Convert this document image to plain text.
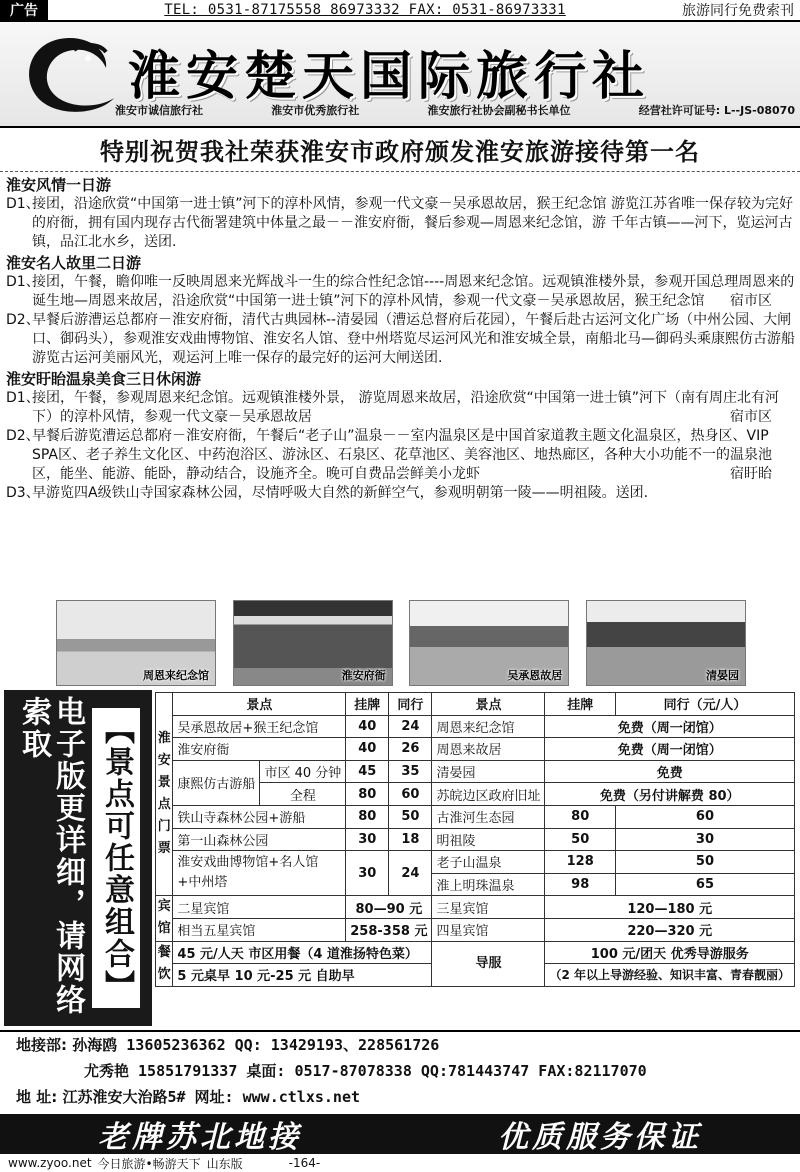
广告	TEL: 0531-87175558 86973332 FAX: 0531-86973331	旅游同行免费索刊
淮安楚天国际旅行社
淮安市诚信旅行社	淮安市优秀旅行社	淮安旅行社协会副秘书长单位	经营社许可证号: L--JS-08070
特别祝贺我社荣获淮安市政府颁发淮安旅游接待第一名
淮安风情一日游
D1、
接团，沿途欣赏“中国第一进士镇”河下的淳朴风情，参观一代文豪－吴承恩故居，猴王纪念馆 游览江苏省唯一保存较为完好的府衙，拥有国内现存古代衙署建筑中体量之最－－淮安府衙，餐后参观—周恩来纪念馆，游 千年古镇——河下，览运河古镇，品江北水乡，送团.
淮安名人故里二日游
D1、
接团，午餐，瞻仰唯一反映周恩来光辉战斗一生的综合性纪念馆----周恩来纪念馆。远观镇淮楼外景，参观开国总理周恩来的诞生地—周恩来故居，沿途欣赏“中国第一进士镇”河下的淳朴风情，参观一代文豪－吴承恩故居，猴王纪念馆 宿市区
D2、
早餐后游漕运总都府－淮安府衙，清代古典园林--清晏园（漕运总督府后花园），午餐后赴古运河文化广场（中州公园、大闸口、御码头），参观淮安戏曲博物馆、淮安名人馆、登中州塔览尽运河风光和淮安城全景，南船北马—御码头乘康熙仿古游船游览古运河美丽风光，观运河上唯一保存的最完好的运河大闸送团.
淮安盱眙温泉美食三日休闲游
D1、
接团，午餐，参观周恩来纪念馆。远观镇淮楼外景， 游览周恩来故居，沿途欣赏“中国第一进士镇”河下（南有周庄北有河下）的淳朴风情，参观一代文豪－吴承恩故居	宿市区
D2、
早餐后游览漕运总都府－淮安府衙，午餐后“老子山”温泉－－室内温泉区是中国首家道教主题文化温泉区，热身区、VIP SPA区、老子养生文化区、中药泡浴区、游泳区、石泉区、花草池区、美容池区、地热廊区，各种大小功能不一的温泉池区，能坐、能游、能卧，静动结合，设施齐全。晚可自费品尝鲜美小龙虾	宿盱眙
D3、
早游览四A级铁山寺国家森林公园，尽情呼吸大自然的新鲜空气，参观明朝第一陵——明祖陵。送团.
周恩来纪念馆	淮安府衙	吴承恩故居	清晏园
电子版更详细，请网络索取	【景点可任意组合】	淮安景点门票	景点		挂牌	同行	景点	挂牌	同行（元/人）
	吴承恩故居+猴王纪念馆		40	24	周恩来纪念馆	免费（周一闭馆）	
	淮安府衙		40	26	周恩来故居	免费（周一闭馆）	
	康熙仿古游船	市区 40 分钟	45	35	清晏园	免费	
		全程	80	60	苏皖边区政府旧址	免费（另付讲解费 80）	
	铁山寺森林公园+游船		80	50	古淮河生态园	80	60
	第一山森林公园		30	18	明祖陵	50	30
	淮安戏曲博物馆+名人馆+中州塔		30	24	老子山温泉	128	50
					淮上明珠温泉	98	65
宾馆	二星宾馆		80—90 元		三星宾馆	120—180 元	
	相当五星宾馆		258-358 元		四星宾馆	220—320 元	
餐饮	45 元/人天 市区用餐（4 道淮扬特色菜）				导服	100 元/团天 优秀导游服务	
	5 元桌早 10 元-25 元 自助早					（2 年以上导游经验、知识丰富、青春靓丽）	
地接部: 孙海鸥 13605236362 QQ: 13429193、228561726
尤秀艳 15851791337 桌面: 0517-87078338 QQ:781443747 FAX:82117070
地 址: 江苏淮安大治路5# 网址: www.ctlxs.net
老牌苏北地接	优质服务保证
www.zyoo.net 今日旅游•畅游天下 山东版	-164-
